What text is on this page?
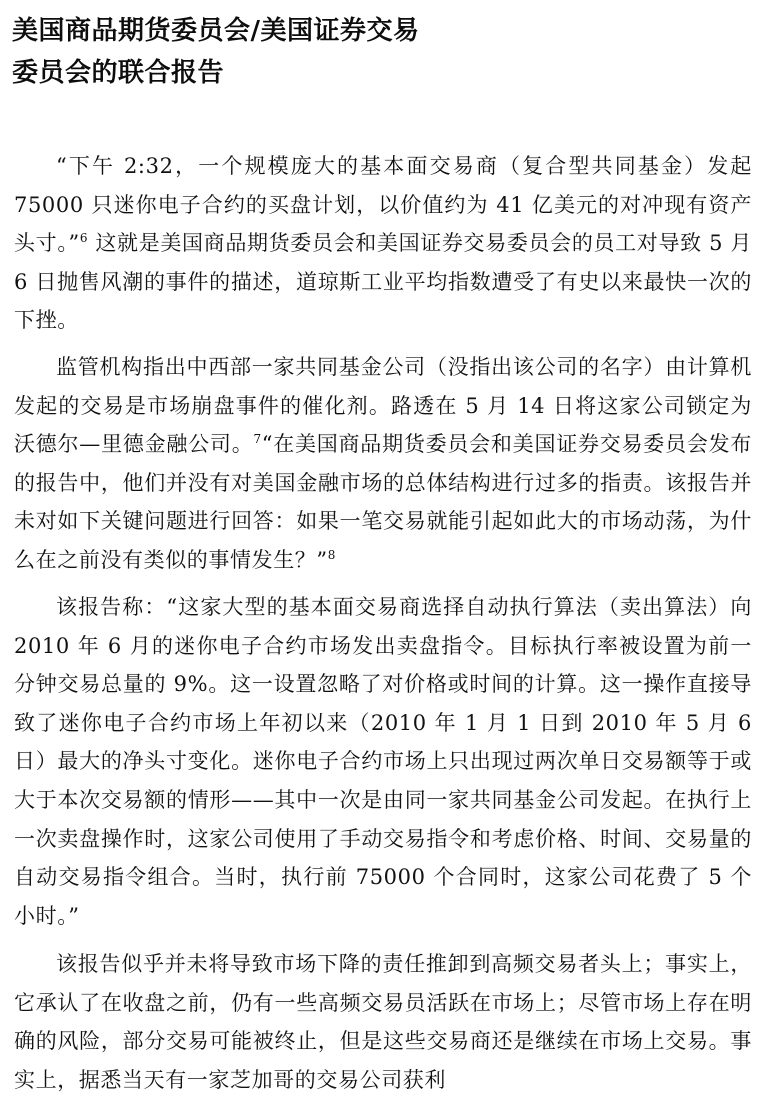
美国商品期货委员会/美国证券交易
委员会的联合报告

“下午 2:32，一个规模庞大的基本面交易商（复合型共同基金）发起 75000 只迷你电子合约的买盘计划，以价值约为 41 亿美元的对冲现有资产头寸。”$^6$ 这就是美国商品期货委员会和美国证券交易委员会的员工对导致 5 月 6 日抛售风潮的事件的描述，道琼斯工业平均指数遭受了有史以来最快一次的下挫。

监管机构指出中西部一家共同基金公司（没指出该公司的名字）由计算机发起的交易是市场崩盘事件的催化剂。路透在 5 月 14 日将这家公司锁定为沃德尔—里德金融公司。$^7$“在美国商品期货委员会和美国证券交易委员会发布的报告中，他们并没有对美国金融市场的总体结构进行过多的指责。该报告并未对如下关键问题进行回答：如果一笔交易就能引起如此大的市场动荡，为什么在之前没有类似的事情发生？”$^8$

该报告称：“这家大型的基本面交易商选择自动执行算法（卖出算法）向 2010 年 6 月的迷你电子合约市场发出卖盘指令。目标执行率被设置为前一分钟交易总量的 9%。这一设置忽略了对价格或时间的计算。这一操作直接导致了迷你电子合约市场上年初以来（2010 年 1 月 1 日到 2010 年 5 月 6 日）最大的净头寸变化。迷你电子合约市场上只出现过两次单日交易额等于或大于本次交易额的情形——其中一次是由同一家共同基金公司发起。在执行上一次卖盘操作时，这家公司使用了手动交易指令和考虑价格、时间、交易量的自动交易指令组合。当时，执行前 75000 个合同时，这家公司花费了 5 个小时。”

该报告似乎并未将导致市场下降的责任推卸到高频交易者头上；事实上，它承认了在收盘之前，仍有一些高频交易员活跃在市场上；尽管市场上存在明确的风险，部分交易可能被终止，但是这些交易商还是继续在市场上交易。事实上，据悉当天有一家芝加哥的交易公司获利
